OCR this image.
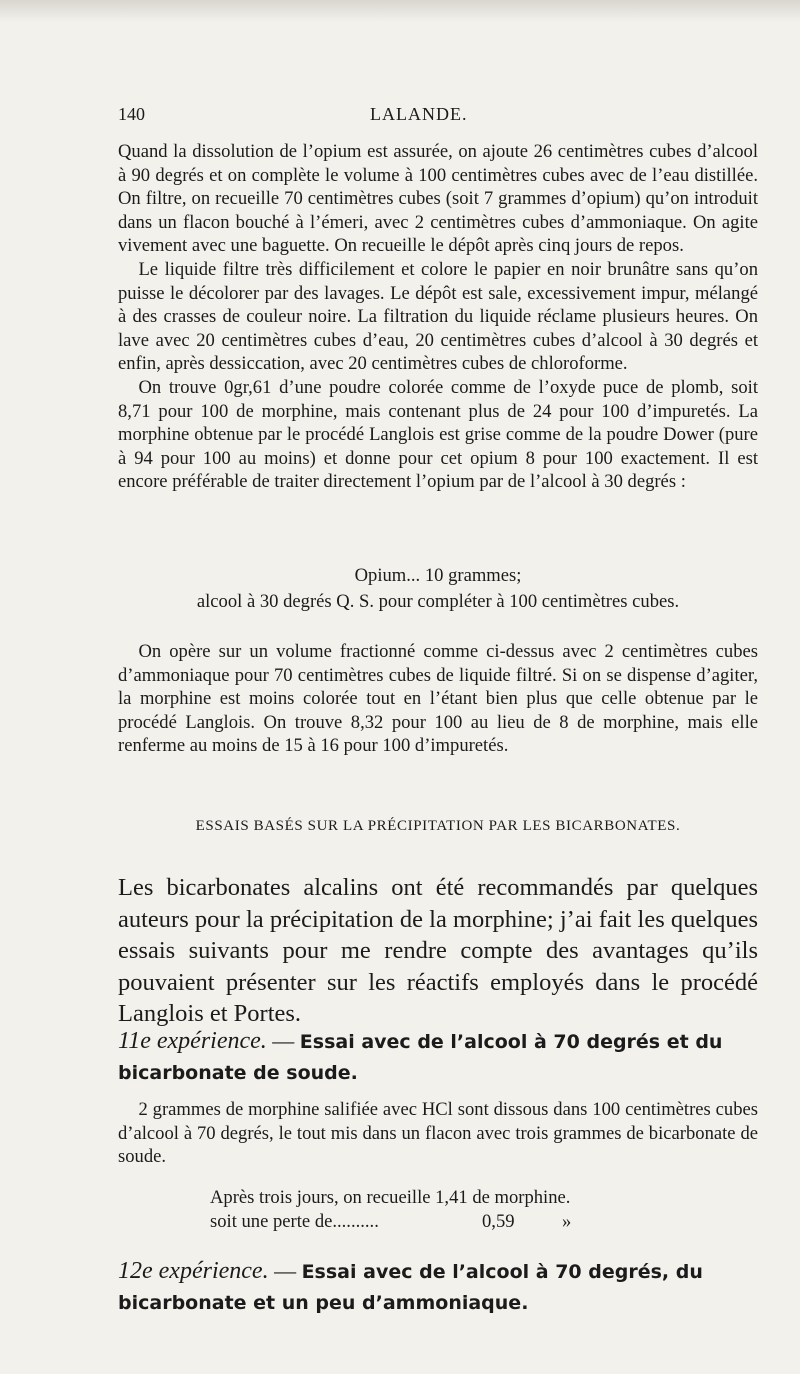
140	LALANDE.

Quand la dissolution de l’opium est assurée, on ajoute 26 centimètres cubes d’alcool à 90 degrés et on complète le volume à 100 centimètres cubes avec de l’eau distillée. On filtre, on recueille 70 centimètres cubes (soit 7 grammes d’opium) qu’on introduit dans un flacon bouché à l’émeri, avec 2 centimètres cubes d’ammoniaque. On agite vivement avec une baguette. On recueille le dépôt après cinq jours de repos.

Le liquide filtre très difficilement et colore le papier en noir brunâtre sans qu’on puisse le décolorer par des lavages. Le dépôt est sale, excessivement impur, mélangé à des crasses de couleur noire. La filtration du liquide réclame plusieurs heures. On lave avec 20 centimètres cubes d’eau, 20 centimètres cubes d’alcool à 30 degrés et enfin, après dessiccation, avec 20 centimètres cubes de chloroforme.

On trouve 0gr,61 d’une poudre colorée comme de l’oxyde puce de plomb, soit 8,71 pour 100 de morphine, mais contenant plus de 24 pour 100 d’impuretés. La morphine obtenue par le procédé Langlois est grise comme de la poudre Dower (pure à 94 pour 100 au moins) et donne pour cet opium 8 pour 100 exactement. Il est encore préférable de traiter directement l’opium par de l’alcool à 30 degrés :

Opium... 10 grammes;
alcool à 30 degrés Q. S. pour compléter à 100 centimètres cubes.

On opère sur un volume fractionné comme ci-dessus avec 2 centimètres cubes d’ammoniaque pour 70 centimètres cubes de liquide filtré. Si on se dispense d’agiter, la morphine est moins colorée tout en l’étant bien plus que celle obtenue par le procédé Langlois. On trouve 8,32 pour 100 au lieu de 8 de morphine, mais elle renferme au moins de 15 à 16 pour 100 d’impuretés.

ESSAIS BASÉS SUR LA PRÉCIPITATION PAR LES BICARBONATES.

Les bicarbonates alcalins ont été recommandés par quelques auteurs pour la précipitation de la morphine; j’ai fait les quelques essais suivants pour me rendre compte des avantages qu’ils pouvaient présenter sur les réactifs employés dans le procédé Langlois et Portes.

11e expérience. — Essai avec de l’alcool à 70 degrés et du bicarbonate de soude.

2 grammes de morphine salifiée avec HCl sont dissous dans 100 centimètres cubes d’alcool à 70 degrés, le tout mis dans un flacon avec trois grammes de bicarbonate de soude.

Après trois jours, on recueille 1,41 de morphine.
soit une perte de..........	0,59	»
12e expérience. — Essai avec de l’alcool à 70 degrés, du bicarbonate et un peu d’ammoniaque.
